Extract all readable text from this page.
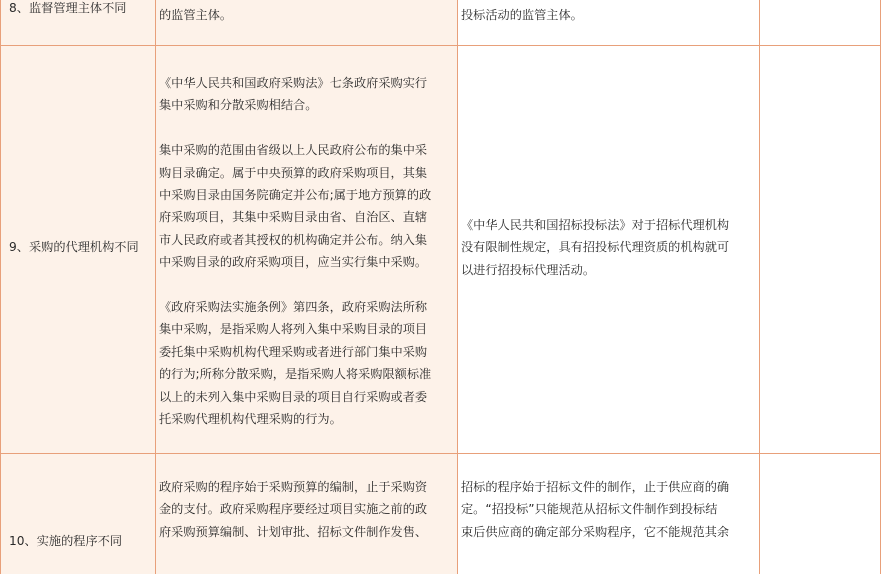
8、监督管理主体不同	的监管主体。	投标活动的监管主体。

9、采购的代理机构不同

《中华人民共和国政府采购法》七条政府采购实行

集中采购和分散采购相结合。

集中采购的范围由省级以上人民政府公布的集中采

购目录确定。属于中央预算的政府采购项目，其集

中采购目录由国务院确定并公布;属于地方预算的政

府采购项目，其集中采购目录由省、自治区、直辖

市人民政府或者其授权的机构确定并公布。纳入集

中采购目录的政府采购项目，应当实行集中采购。

《政府采购法实施条例》第四条，政府采购法所称

集中采购，是指采购人将列入集中采购目录的项目

委托集中采购机构代理采购或者进行部门集中采购

的行为;所称分散采购，是指采购人将采购限额标准

以上的未列入集中采购目录的项目自行采购或者委

托采购代理机构代理采购的行为。

《中华人民共和国招标投标法》对于招标代理机构

没有限制性规定，具有招投标代理资质的机构就可

以进行招投标代理活动。

10、实施的程序不同

政府采购的程序始于采购预算的编制，止于采购资

金的支付。政府采购程序要经过项目实施之前的政

府采购预算编制、计划审批、招标文件制作发售、

招标的程序始于招标文件的制作，止于供应商的确

定。“招投标”只能规范从招标文件制作到投标结

束后供应商的确定部分采购程序，它不能规范其余
